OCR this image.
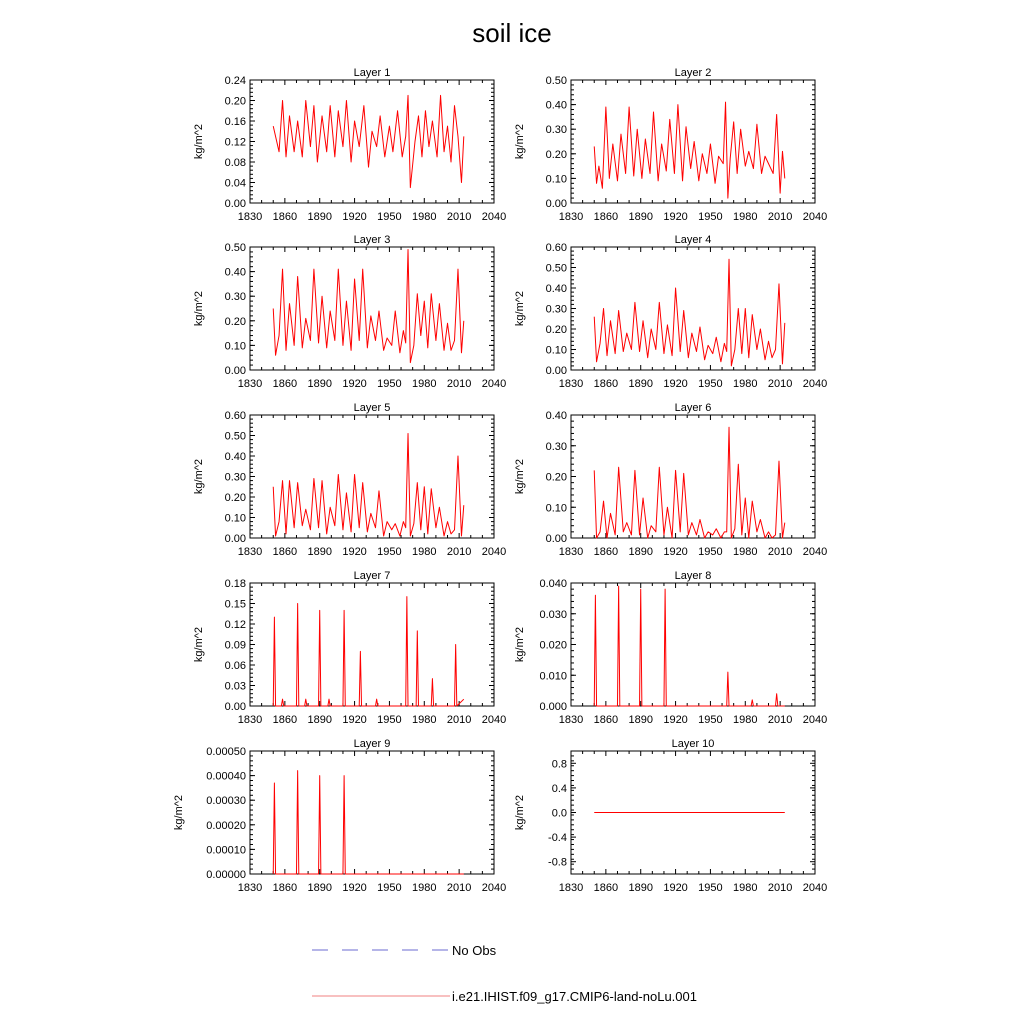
soil ice
Layer 1
1830 1860 1890 1920 1950 1980 2010 2040
0.00
0.04
0.08
0.12
0.16
0.20
0.24
kg/m^2
Layer 2
1830 1860 1890 1920 1950 1980 2010 2040
0.00
0.10
0.20
0.30
0.40
0.50
kg/m^2
Layer 3
1830 1860 1890 1920 1950 1980 2010 2040
0.00
0.10
0.20
0.30
0.40
0.50
kg/m^2
Layer 4
1830 1860 1890 1920 1950 1980 2010 2040
0.00
0.10
0.20
0.30
0.40
0.50
0.60
kg/m^2
Layer 5
1830 1860 1890 1920 1950 1980 2010 2040
0.00
0.10
0.20
0.30
0.40
0.50
0.60
kg/m^2
Layer 6
1830 1860 1890 1920 1950 1980 2010 2040
0.00
0.10
0.20
0.30
0.40
kg/m^2
Layer 7
1830 1860 1890 1920 1950 1980 2010 2040
0.00
0.03
0.06
0.09
0.12
0.15
0.18
kg/m^2
Layer 8
1830 1860 1890 1920 1950 1980 2010 2040
0.000
0.010
0.020
0.030
0.040
kg/m^2
Layer 9
1830 1860 1890 1920 1950 1980 2010 2040
0.00000
0.00010
0.00020
0.00030
0.00040
0.00050
kg/m^2
Layer 10
1830 1860 1890 1920 1950 1980 2010 2040
-0.8
-0.4
0.0
0.4
0.8
kg/m^2
No Obs
i.e21.IHIST.f09_g17.CMIP6-land-noLu.001
